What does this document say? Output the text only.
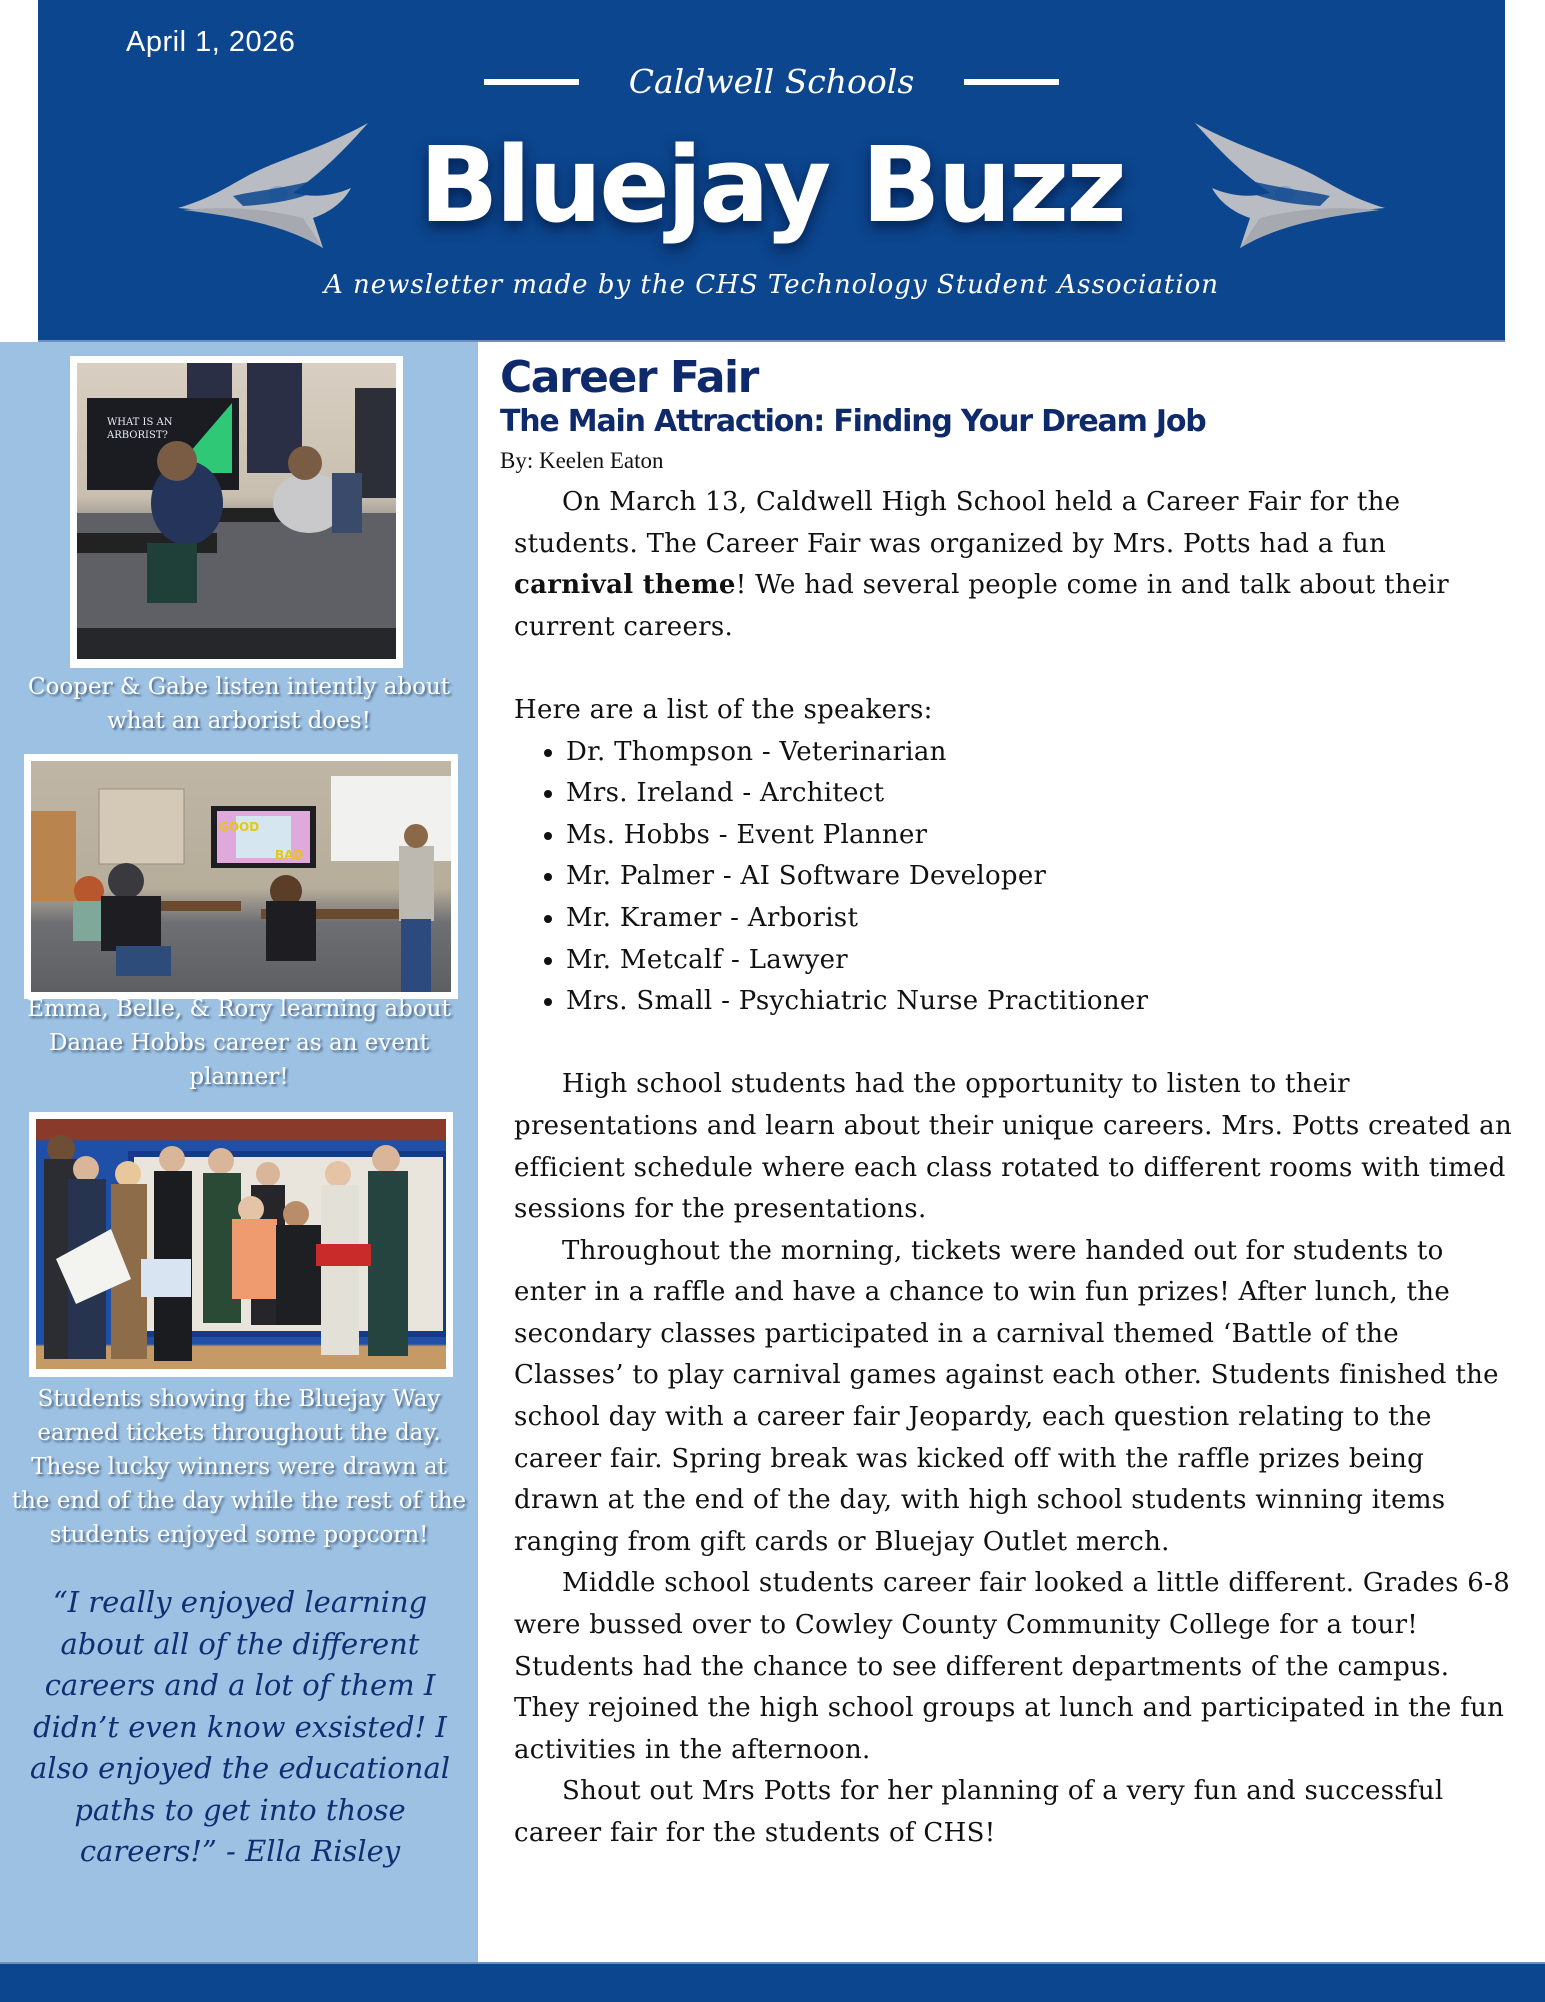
April 1, 2026
Caldwell Schools
Bluejay Buzz
A newsletter made by the CHS Technology Student Association
WHAT IS AN
ARBORIST?
Cooper & Gabe listen intently about what an arborist does!
GOOD
BAD
Emma, Belle, & Rory learning about Danae Hobbs career as an event planner!
Students showing the Bluejay Way earned tickets throughout the day. These lucky winners were drawn at the end of the day while the rest of the students enjoyed some popcorn!
“I really enjoyed learning about all of the different careers and a lot of them I didn’t even know exsisted! I also enjoyed the educational paths to get into those careers!” - Ella Risley
Career Fair
The Main Attraction: Finding Your Dream Job
By: Keelen Eaton

On March 13, Caldwell High School held a Career Fair for the students. The Career Fair was organized by Mrs. Potts had a fun carnival theme! We had several people come in and talk about their current careers.

Here are a list of the speakers:

• Dr. Thompson - Veterinarian
• Mrs. Ireland - Architect
• Ms. Hobbs - Event Planner
• Mr. Palmer - AI Software Developer
• Mr. Kramer - Arborist
• Mr. Metcalf - Lawyer
• Mrs. Small - Psychiatric Nurse Practitioner

High school students had the opportunity to listen to their presentations and learn about their unique careers. Mrs. Potts created an efficient schedule where each class rotated to different rooms with timed sessions for the presentations.

Throughout the morning, tickets were handed out for students to enter in a raffle and have a chance to win fun prizes! After lunch, the secondary classes participated in a carnival themed ‘Battle of the Classes’ to play carnival games against each other. Students finished the school day with a career fair Jeopardy, each question relating to the career fair. Spring break was kicked off with the raffle prizes being drawn at the end of the day, with high school students winning items ranging from gift cards or Bluejay Outlet merch.

Middle school students career fair looked a little different. Grades 6-8 were bussed over to Cowley County Community College for a tour! Students had the chance to see different departments of the campus. They rejoined the high school groups at lunch and participated in the fun activities in the afternoon.

Shout out Mrs Potts for her planning of a very fun and successful career fair for the students of CHS!
